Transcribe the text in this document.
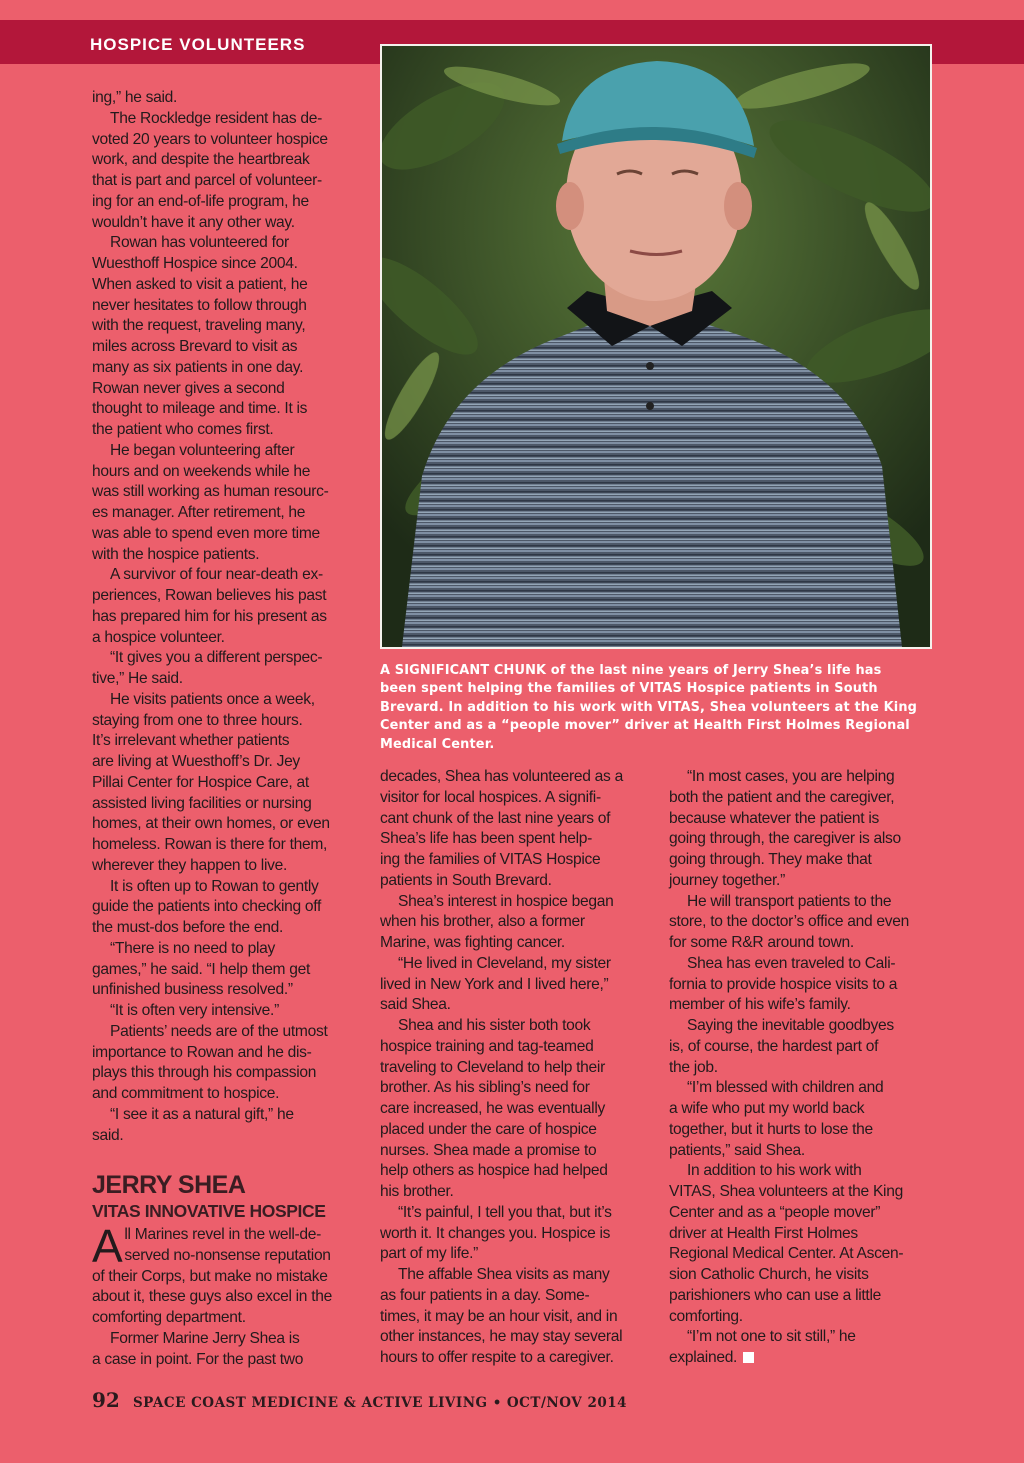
HOSPICE VOLUNTEERS

ing,” he said.

The Rockledge resident has de-

voted 20 years to volunteer hospice

work, and despite the heartbreak

that is part and parcel of volunteer-

ing for an end-of-life program, he

wouldn’t have it any other way.

Rowan has volunteered for

Wuesthoff Hospice since 2004.

When asked to visit a patient, he

never hesitates to follow through

with the request, traveling many,

miles across Brevard to visit as

many as six patients in one day.

Rowan never gives a second

thought to mileage and time. It is

the patient who comes first.

He began volunteering after

hours and on weekends while he

was still working as human resourc-

es manager. After retirement, he

was able to spend even more time

with the hospice patients.

A survivor of four near-death ex-

periences, Rowan believes his past

has prepared him for his present as

a hospice volunteer.

“It gives you a different perspec-

tive,” He said.

He visits patients once a week,

staying from one to three hours.

It’s irrelevant whether patients

are living at Wuesthoff’s Dr. Jey

Pillai Center for Hospice Care, at

assisted living facilities or nursing

homes, at their own homes, or even

homeless. Rowan is there for them,

wherever they happen to live.

It is often up to Rowan to gently

guide the patients into checking off

the must-dos before the end.

“There is no need to play

games,” he said. “I help them get

unfinished business resolved.”

“It is often very intensive.”

Patients’ needs are of the utmost

importance to Rowan and he dis-

plays this through his compassion

and commitment to hospice.

“I see it as a natural gift,” he

said.

A SIGNIFICANT CHUNK of the last nine years of Jerry Shea’s life has
been spent helping the families of VITAS Hospice patients in South
Brevard. In addition to his work with VITAS, Shea volunteers at the King
Center and as a “people mover” driver at Health First Holmes Regional
Medical Center.
JERRY SHEA
VITAS INNOVATIVE HOSPICE

A ll Marines revel in the well-de-
served no-nonsense reputation

of their Corps, but make no mistake

about it, these guys also excel in the

comforting department.

Former Marine Jerry Shea is

a case in point. For the past two

decades, Shea has volunteered as a

visitor for local hospices. A signifi-

cant chunk of the last nine years of

Shea’s life has been spent help-

ing the families of VITAS Hospice

patients in South Brevard.

Shea’s interest in hospice began

when his brother, also a former

Marine, was fighting cancer.

“He lived in Cleveland, my sister

lived in New York and I lived here,”

said Shea.

Shea and his sister both took

hospice training and tag-teamed

traveling to Cleveland to help their

brother. As his sibling’s need for

care increased, he was eventually

placed under the care of hospice

nurses. Shea made a promise to

help others as hospice had helped

his brother.

“It’s painful, I tell you that, but it’s

worth it. It changes you. Hospice is

part of my life.”

The affable Shea visits as many

as four patients in a day. Some-

times, it may be an hour visit, and in

other instances, he may stay several

hours to offer respite to a caregiver.

“In most cases, you are helping

both the patient and the caregiver,

because whatever the patient is

going through, the caregiver is also

going through. They make that

journey together.”

He will transport patients to the

store, to the doctor’s office and even

for some R&R around town.

Shea has even traveled to Cali-

fornia to provide hospice visits to a

member of his wife’s family.

Saying the inevitable goodbyes

is, of course, the hardest part of

the job.

“I’m blessed with children and

a wife who put my world back

together, but it hurts to lose the

patients,” said Shea.

In addition to his work with

VITAS, Shea volunteers at the King

Center and as a “people mover”

driver at Health First Holmes

Regional Medical Center. At Ascen-

sion Catholic Church, he visits

parishioners who can use a little

comforting.

“I’m not one to sit still,” he

explained.

92 SPACE COAST MEDICINE & ACTIVE LIVING • OCT/NOV 2014
